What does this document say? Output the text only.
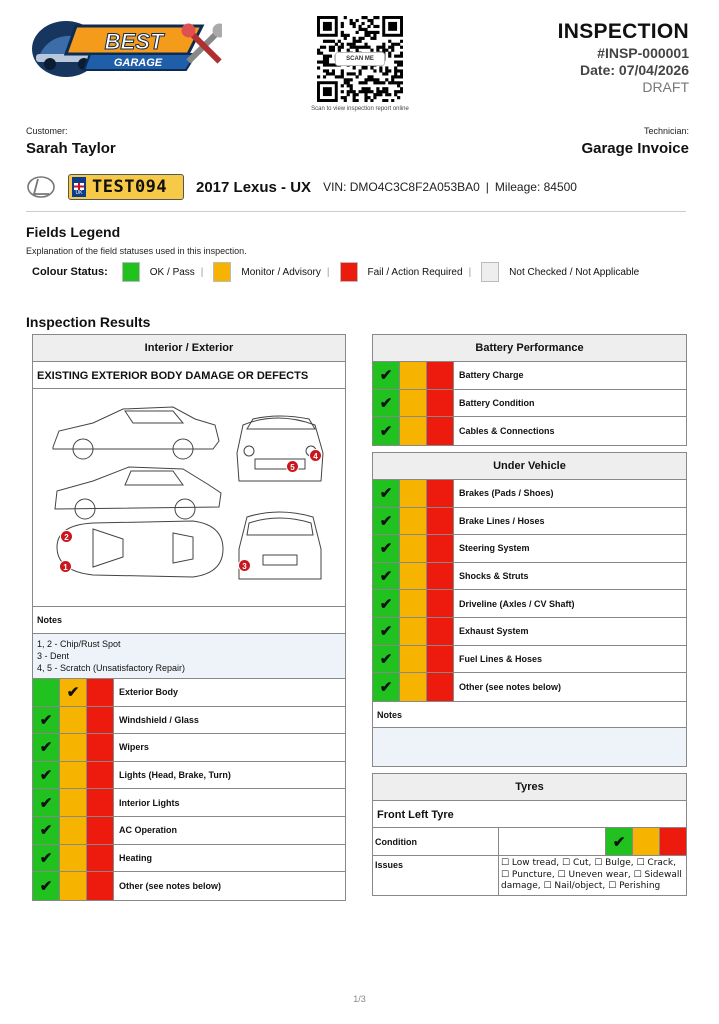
BEST
GARAGE	SCAN ME
Scan to view inspection report online
INSPECTION
#INSP-000001
Date: 07/04/2026
DRAFT
Customer:
Sarah Taylor
Technician:
Garage Invoice
UK TEST094 2017 Lexus - UX VIN: DMO4C3C8F2A053BA0 | Mileage: 84500
Fields Legend
Explanation of the field statuses used in this inspection.
Colour Status:	OK / Pass |	Monitor / Advisory |	Fail / Action Required |	Not Checked / Not Applicable
Inspection Results
Interior / Exterior
EXISTING EXTERIOR BODY DAMAGE OR DEFECTS
1
2
3
4
5
Notes
1, 2 - Chip/Rust Spot
3 - Dent
4, 5 - Scratch (Unsatisfactory Repair)
✔	Exterior Body
✔	Windshield / Glass
✔	Wipers
✔	Lights (Head, Brake, Turn)
✔	Interior Lights
✔	AC Operation
✔	Heating
✔	Other (see notes below)
Battery Performance
✔	Battery Charge
✔	Battery Condition
✔	Cables & Connections
Under Vehicle
✔	Brakes (Pads / Shoes)
✔	Brake Lines / Hoses
✔	Steering System
✔	Shocks & Struts
✔	Driveline (Axles / CV Shaft)
✔	Exhaust System
✔	Fuel Lines & Hoses
✔	Other (see notes below)
Notes
Tyres
Front Left Tyre
Condition	✔
Issues	☐ Low tread, ☐ Cut, ☐ Bulge, ☐ Crack, ☐ Puncture, ☐ Uneven wear, ☐ Sidewall damage, ☐ Nail/object, ☐ Perishing
1/3
